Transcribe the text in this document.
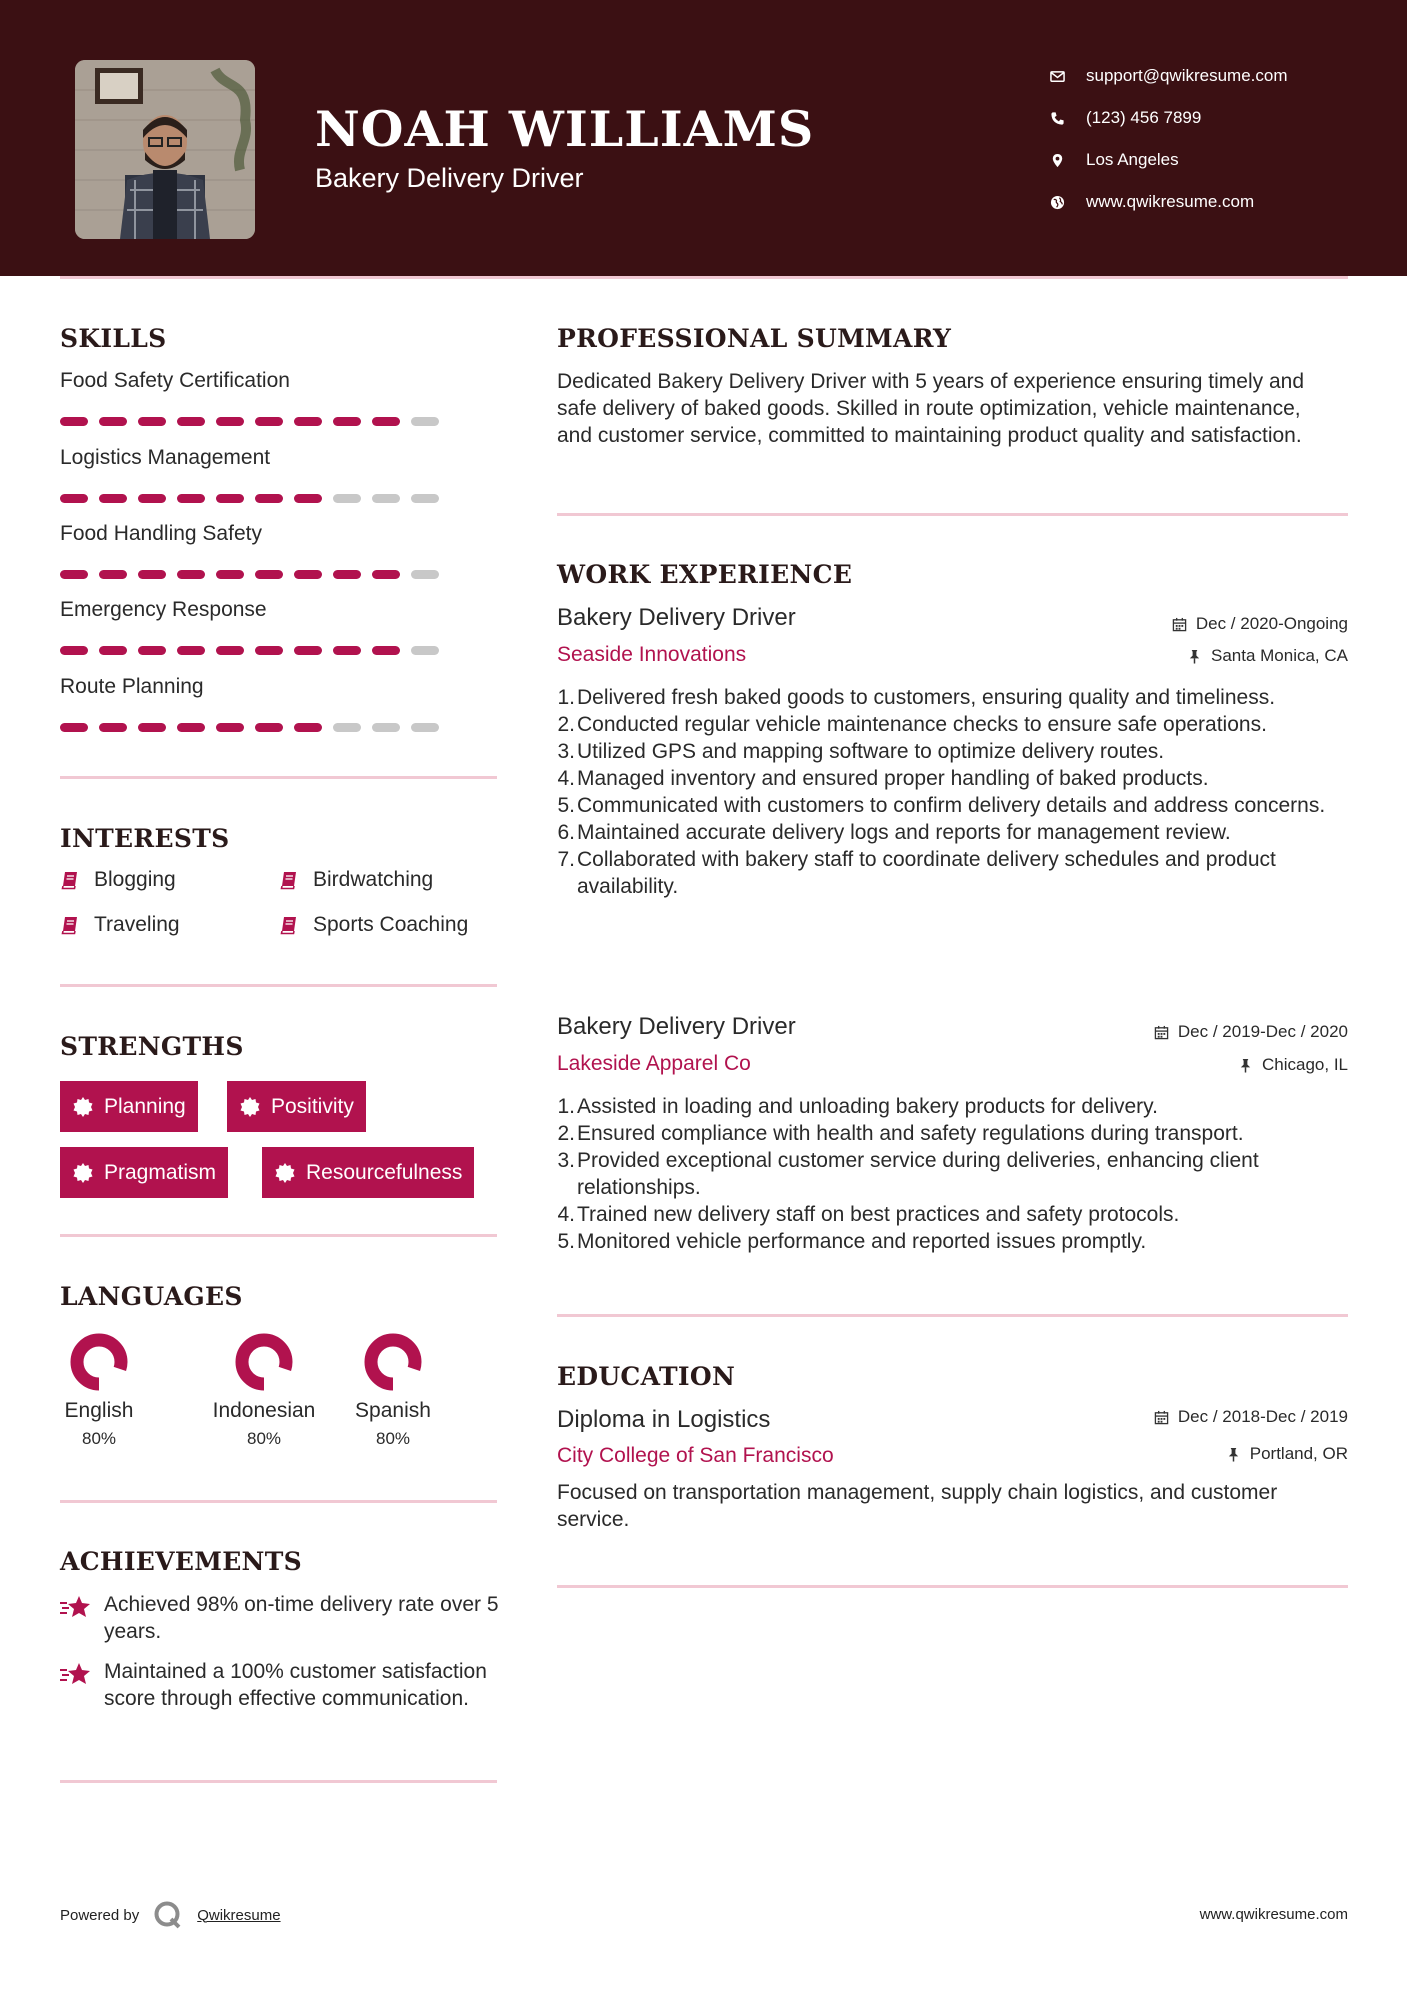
NOAH WILLIAMS
Bakery Delivery Driver
support@qwikresume.com
(123) 456 7899
Los Angeles
www.qwikresume.com
SKILLS
Food Safety Certification
Logistics Management
Food Handling Safety
Emergency Response
Route Planning
INTERESTS
Blogging	Birdwatching
Traveling	Sports Coaching
STRENGTHS
Planning	Positivity
Pragmatism	Resourcefulness
LANGUAGES
English
80%
Indonesian
80%
Spanish
80%
ACHIEVEMENTS
Achieved 98% on-time delivery rate over 5 years.
Maintained a 100% customer satisfaction score through effective communication.
PROFESSIONAL SUMMARY
Dedicated Bakery Delivery Driver with 5 years of experience ensuring timely and safe delivery of baked goods. Skilled in route optimization, vehicle maintenance, and customer service, committed to maintaining product quality and satisfaction.
WORK EXPERIENCE
Bakery Delivery Driver	Dec / 2020-Ongoing
Seaside Innovations	Santa Monica, CA
1. Delivered fresh baked goods to customers, ensuring quality and timeliness.
2. Conducted regular vehicle maintenance checks to ensure safe operations.
3. Utilized GPS and mapping software to optimize delivery routes.
4. Managed inventory and ensured proper handling of baked products.
5. Communicated with customers to confirm delivery details and address concerns.
6. Maintained accurate delivery logs and reports for management review.
7. Collaborated with bakery staff to coordinate delivery schedules and product availability.
Bakery Delivery Driver	Dec / 2019-Dec / 2020
Lakeside Apparel Co	Chicago, IL
1. Assisted in loading and unloading bakery products for delivery.
2. Ensured compliance with health and safety regulations during transport.
3. Provided exceptional customer service during deliveries, enhancing client relationships.
4. Trained new delivery staff on best practices and safety protocols.
5. Monitored vehicle performance and reported issues promptly.
EDUCATION
Diploma in Logistics	Dec / 2018-Dec / 2019
City College of San Francisco	Portland, OR
Focused on transportation management, supply chain logistics, and customer service.
Powered by	Qwikresume	www.qwikresume.com
